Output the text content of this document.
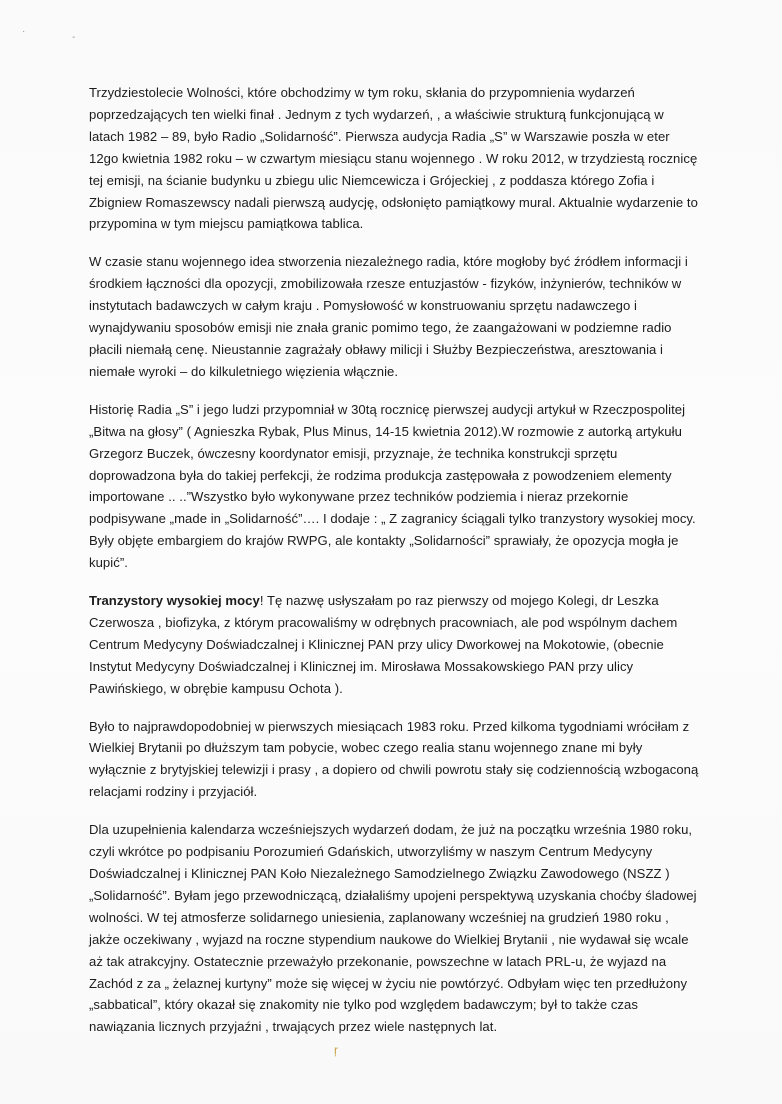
·
-

Trzydziestolecie Wolności, które obchodzimy w tym roku, skłania do przypomnienia wydarzeń poprzedzających ten wielki finał . Jednym z tych wydarzeń, , a właściwie strukturą funkcjonującą w latach 1982 – 89, było Radio „Solidarność”. Pierwsza audycja Radia „S” w Warszawie poszła w eter 12go kwietnia 1982 roku – w czwartym miesiącu stanu wojennego . W roku 2012, w trzydziestą rocznicę tej emisji, na ścianie budynku u zbiegu ulic Niemcewicza i Grójeckiej , z poddasza którego Zofia i Zbigniew Romaszewscy nadali pierwszą audycję, odsłonięto pamiątkowy mural. Aktualnie wydarzenie to przypomina w tym miejscu pamiątkowa tablica.

W czasie stanu wojennego idea stworzenia niezależnego radia, które mogłoby być źródłem informacji i środkiem łączności dla opozycji, zmobilizowała rzesze entuzjastów - fizyków, inżynierów, techników w instytutach badawczych w całym kraju . Pomysłowość w konstruowaniu sprzętu nadawczego i wynajdywaniu sposobów emisji nie znała granic pomimo tego, że zaangażowani w podziemne radio płacili niemałą cenę. Nieustannie zagrażały obławy milicji i Służby Bezpieczeństwa, aresztowania i niemałe wyroki – do kilkuletniego więzienia włącznie.

Historię Radia „S” i jego ludzi przypomniał w 30tą rocznicę pierwszej audycji artykuł w Rzeczpospolitej „Bitwa na głosy” ( Agnieszka Rybak, Plus Minus, 14-15 kwietnia 2012).W rozmowie z autorką artykułu Grzegorz Buczek, ówczesny koordynator emisji, przyznaje, że technika konstrukcji sprzętu doprowadzona była do takiej perfekcji, że rodzima produkcja zastępowała z powodzeniem elementy importowane .. ..”Wszystko było wykonywane przez techników podziemia i nieraz przekornie podpisywane „made in „Solidarność”…. I dodaje : „ Z zagranicy ściągali tylko tranzystory wysokiej mocy. Były objęte embargiem do krajów RWPG, ale kontakty „Solidarności” sprawiały, że opozycja mogła je kupić”.

Tranzystory wysokiej mocy! Tę nazwę usłyszałam po raz pierwszy od mojego Kolegi, dr Leszka Czerwosza , biofizyka, z którym pracowaliśmy w odrębnych pracowniach, ale pod wspólnym dachem Centrum Medycyny Doświadczalnej i Klinicznej PAN przy ulicy Dworkowej na Mokotowie, (obecnie Instytut Medycyny Doświadczalnej i Klinicznej im. Mirosława Mossakowskiego PAN przy ulicy Pawińskiego, w obrębie kampusu Ochota ).

Było to najprawdopodobniej w pierwszych miesiącach 1983 roku. Przed kilkoma tygodniami wróciłam z Wielkiej Brytanii po dłuższym tam pobycie, wobec czego realia stanu wojennego znane mi były wyłącznie z brytyjskiej telewizji i prasy , a dopiero od chwili powrotu stały się codziennością wzbogaconą relacjami rodziny i przyjaciół.

Dla uzupełnienia kalendarza wcześniejszych wydarzeń dodam, że już na początku września 1980 roku, czyli wkrótce po podpisaniu Porozumień Gdańskich, utworzyliśmy w naszym Centrum Medycyny Doświadczalnej i Klinicznej PAN Koło Niezależnego Samodzielnego Związku Zawodowego (NSZZ )„Solidarność”. Byłam jego przewodniczącą, działaliśmy upojeni perspektywą uzyskania choćby śladowej wolności. W tej atmosferze solidarnego uniesienia, zaplanowany wcześniej na grudzień 1980 roku , jakże oczekiwany , wyjazd na roczne stypendium naukowe do Wielkiej Brytanii , nie wydawał się wcale aż tak atrakcyjny. Ostatecznie przeważyło przekonanie, powszechne w latach PRL-u, że wyjazd na Zachód z za „ żelaznej kurtyny” może się więcej w życiu nie powtórzyć. Odbyłam więc ten przedłużony „sabbatical”, który okazał się znakomity nie tylko pod względem badawczym; był to także czas nawiązania licznych przyjaźni , trwających przez wiele następnych lat.

ŗ
